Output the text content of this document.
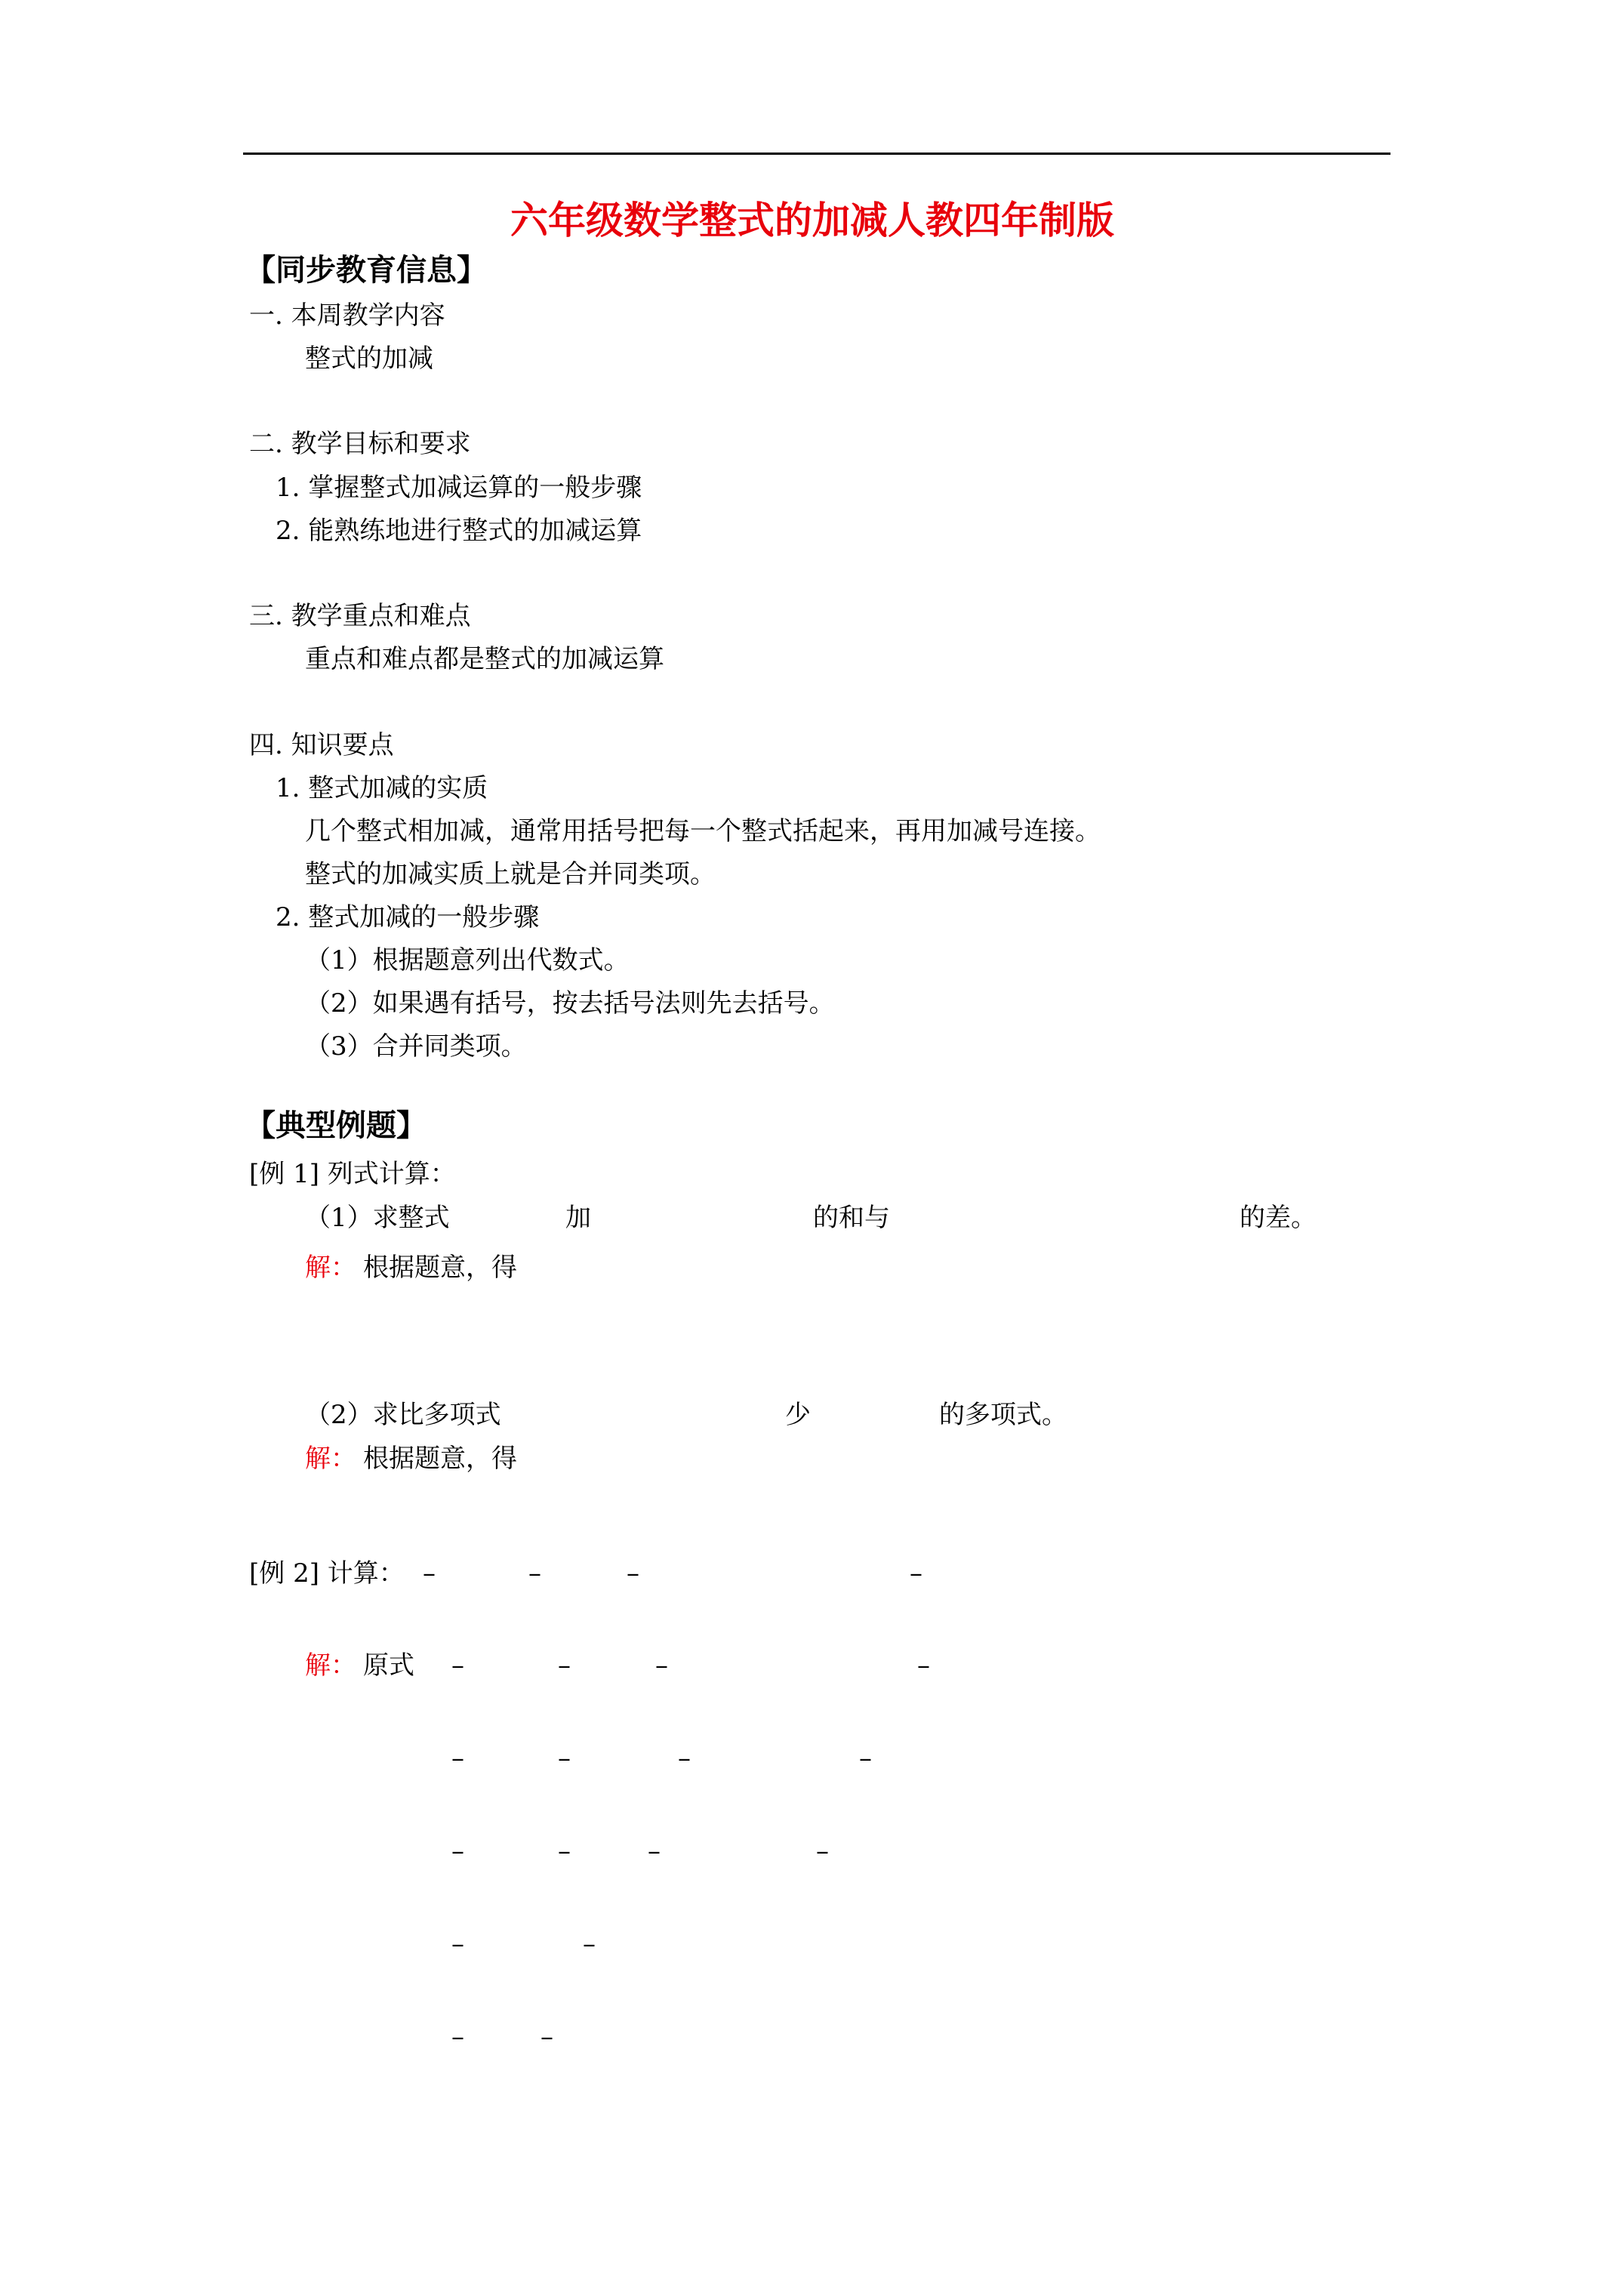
六年级数学整式的加减人教四年制版
【同步教育信息】
一. 本周教学内容
整式的加减
二. 教学目标和要求
1. 掌握整式加减运算的一般步骤
2. 能熟练地进行整式的加减运算
三. 教学重点和难点
重点和难点都是整式的加减运算
四. 知识要点
1. 整式加减的实质
几个整式相加减，通常用括号把每一个整式括起来，再用加减号连接。
整式的加减实质上就是合并同类项。
2. 整式加减的一般步骤
（1）根据题意列出代数式。
（2）如果遇有括号，按去括号法则先去括号。
（3）合并同类项。
【典型例题】
[例 1] 列式计算：
（1）求整式	加	的和与	的差。
解： 根据题意，得
（2）求比多项式	少	的多项式。
解： 根据题意，得
[例 2] 计算： –	–	–	–
解： 原式 –	–	–	–
–	–	–	–
–	–	–	–
–	–
–	–
